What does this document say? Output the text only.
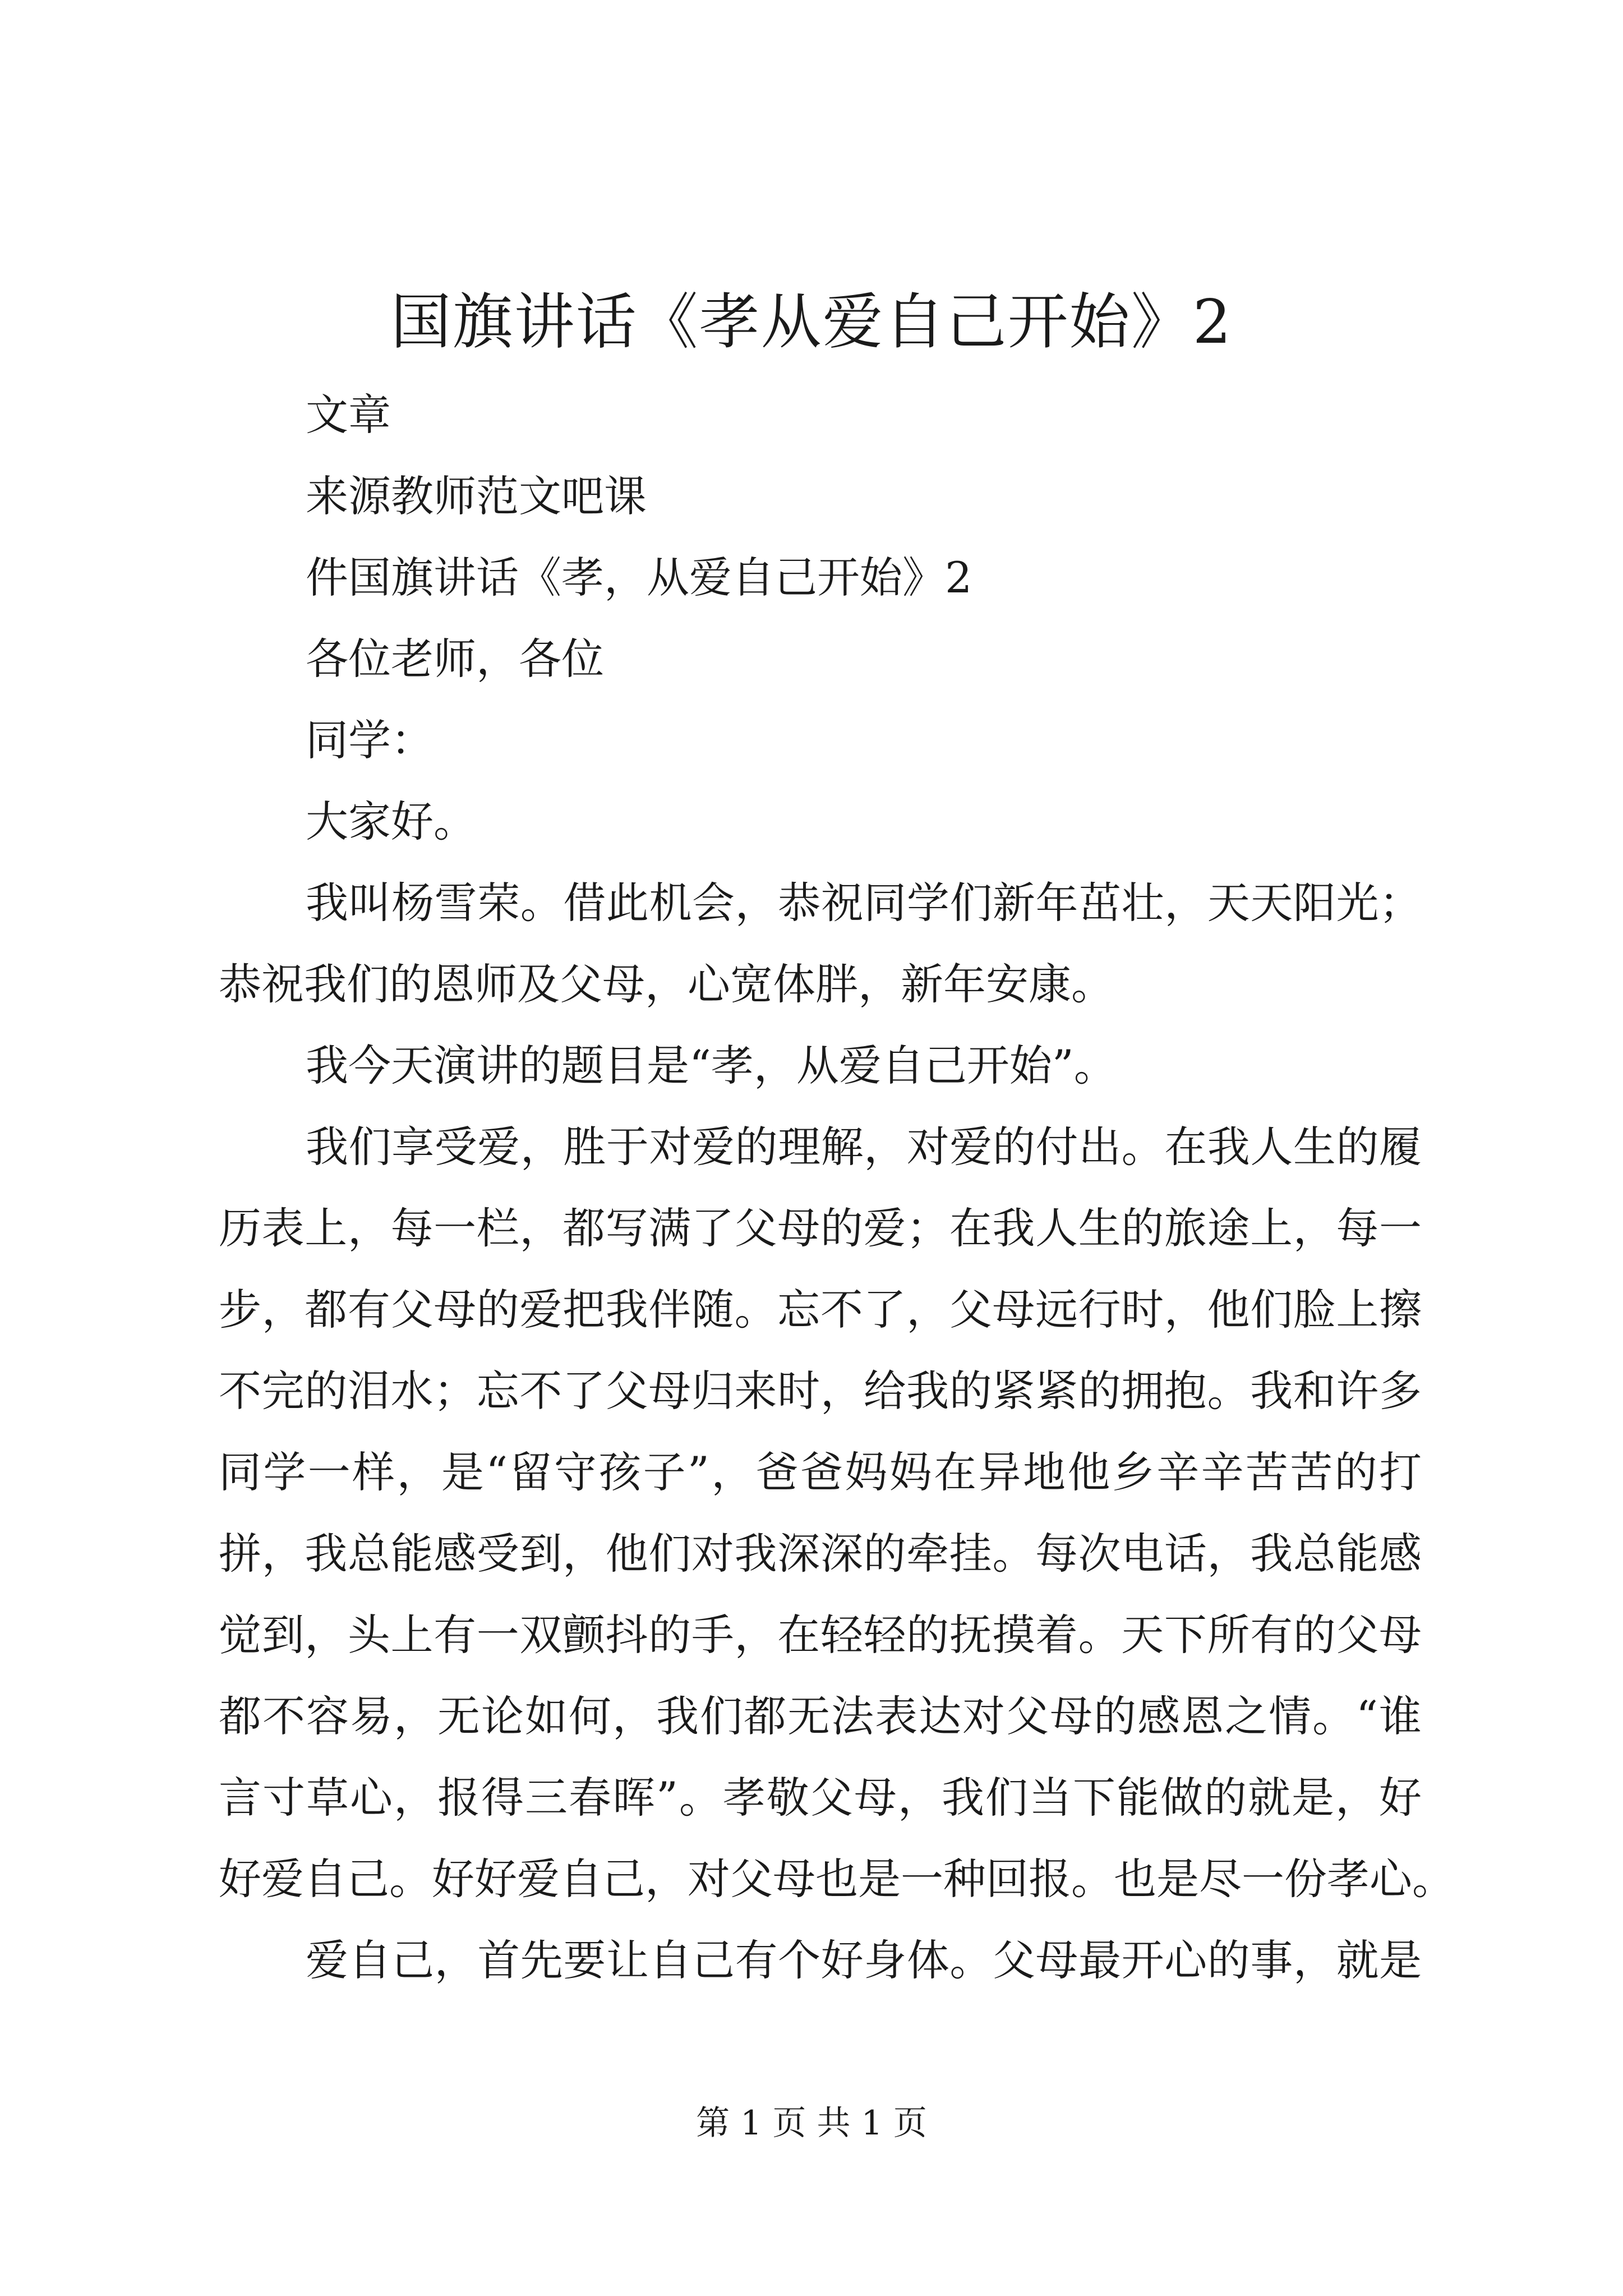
国旗讲话《孝从爱自己开始》2

文章

来源教师范文吧课

件国旗讲话《孝，从爱自己开始》2

各位老师，各位

同学：

大家好。

我叫杨雪荣。借此机会，恭祝同学们新年茁壮，天天阳光；

恭祝我们的恩师及父母，心宽体胖，新年安康。

我今天演讲的题目是“孝，从爱自己开始”。

我们享受爱，胜于对爱的理解，对爱的付出。在我人生的履

历表上，每一栏，都写满了父母的爱；在我人生的旅途上，每一

步，都有父母的爱把我伴随。忘不了，父母远行时，他们脸上擦

不完的泪水；忘不了父母归来时，给我的紧紧的拥抱。我和许多

同学一样，是“留守孩子”，爸爸妈妈在异地他乡辛辛苦苦的打

拼，我总能感受到，他们对我深深的牵挂。每次电话，我总能感

觉到，头上有一双颤抖的手，在轻轻的抚摸着。天下所有的父母

都不容易，无论如何，我们都无法表达对父母的感恩之情。“谁

言寸草心，报得三春晖”。孝敬父母，我们当下能做的就是，好

好爱自己。好好爱自己，对父母也是一种回报。也是尽一份孝心。

爱自己，首先要让自己有个好身体。父母最开心的事，就是

第 1 页 共 1 页
